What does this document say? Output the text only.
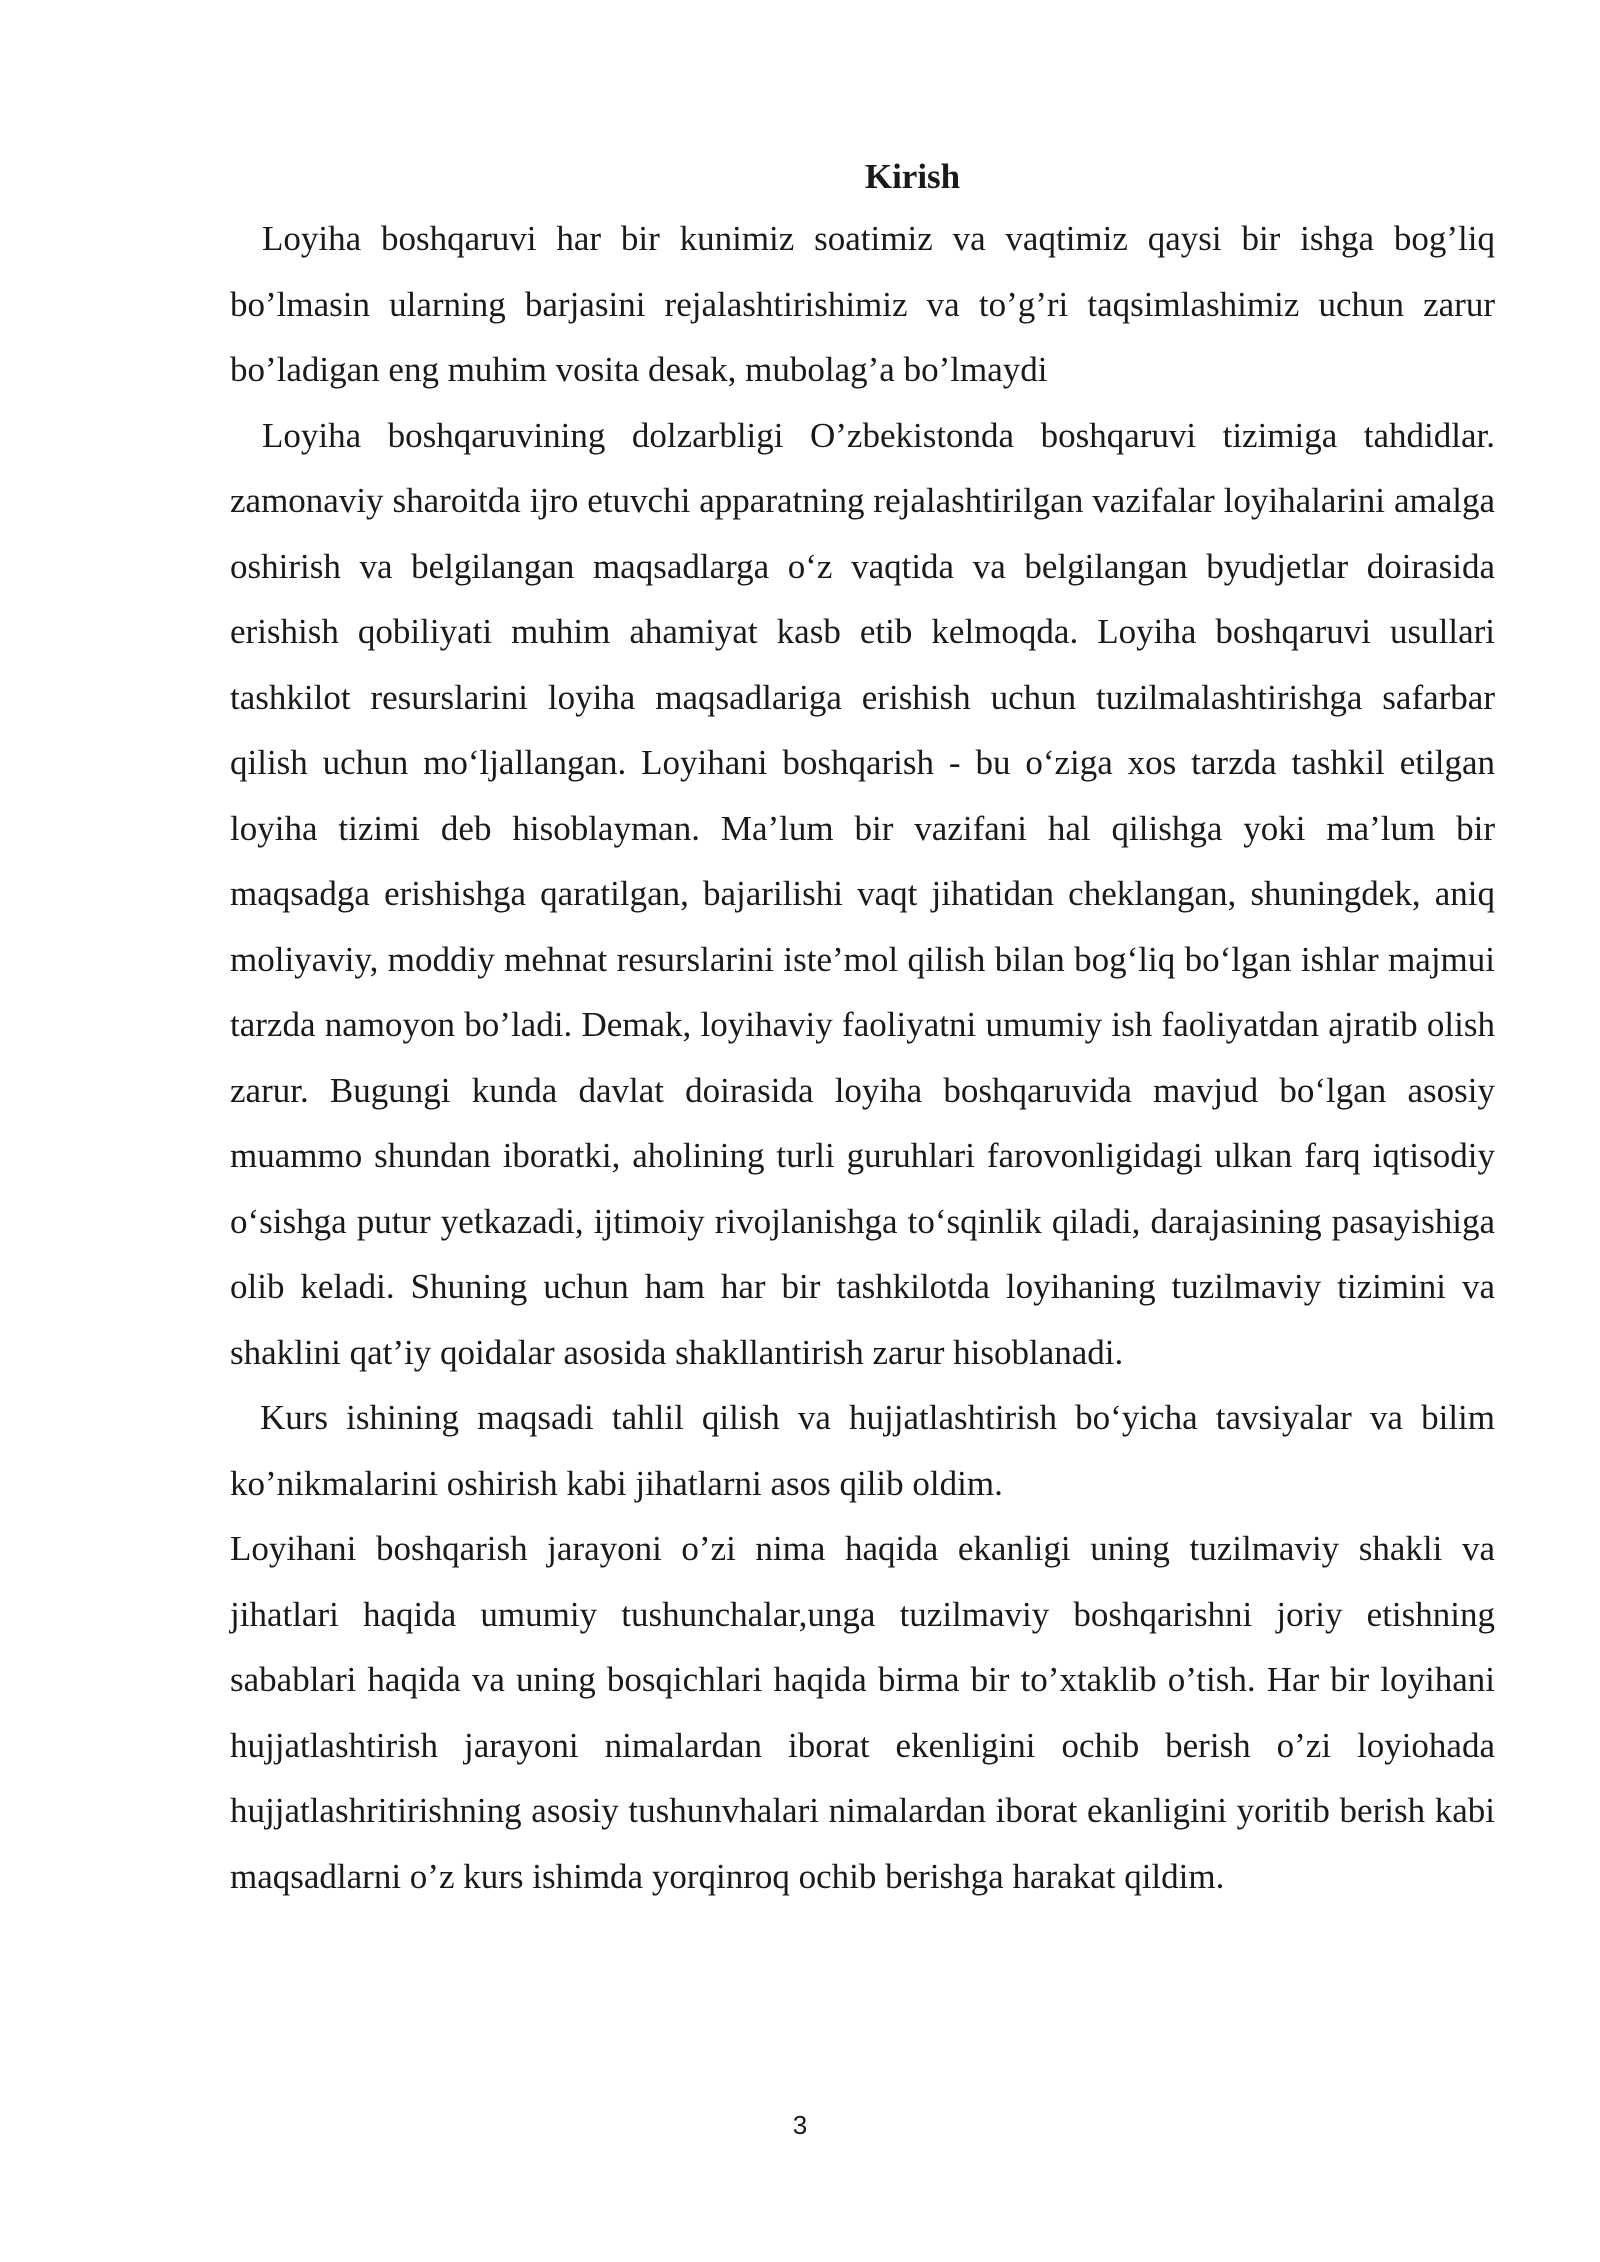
Kirish

Loyiha boshqaruvi har bir kunimiz soatimiz va vaqtimiz qaysi bir ishga bog’liq bo’lmasin ularning barjasini rejalashtirishimiz va to’g’ri taqsimlashimiz uchun zarur bo’ladigan eng muhim vosita desak, mubolag’a bo’lmaydi

Loyiha boshqaruvining dolzarbligi O’zbekistonda boshqaruvi tizimiga tahdidlar. zamonaviy sharoitda ijro etuvchi apparatning rejalashtirilgan vazifalar loyihalarini amalga oshirish va belgilangan maqsadlarga o‘z vaqtida va belgilangan byudjetlar doirasida erishish qobiliyati muhim ahamiyat kasb etib kelmoqda. Loyiha boshqaruvi usullari tashkilot resurslarini loyiha maqsadlariga erishish uchun tuzilmalashtirishga safarbar qilish uchun mo‘ljallangan. Loyihani boshqarish - bu o‘ziga xos tarzda tashkil etilgan loyiha tizimi deb hisoblayman. Ma’lum bir vazifani hal qilishga yoki ma’lum bir maqsadga erishishga qaratilgan, bajarilishi vaqt jihatidan cheklangan, shuningdek, aniq moliyaviy, moddiy mehnat resurslarini iste’mol qilish bilan bog‘liq bo‘lgan ishlar majmui tarzda namoyon bo’ladi. Demak, loyihaviy faoliyatni umumiy ish faoliyatdan ajratib olish zarur. Bugungi kunda davlat doirasida loyiha boshqaruvida mavjud bo‘lgan asosiy muammo shundan iboratki, aholining turli guruhlari farovonligidagi ulkan farq iqtisodiy o‘sishga putur yetkazadi, ijtimoiy rivojlanishga to‘sqinlik qiladi, darajasining pasayishiga olib keladi. Shuning uchun ham har bir tashkilotda loyihaning tuzilmaviy tizimini va shaklini qat’iy qoidalar asosida shakllantirish zarur hisoblanadi.

Kurs ishining maqsadi tahlil qilish va hujjatlashtirish bo‘yicha tavsiyalar va bilim ko’nikmalarini oshirish kabi jihatlarni asos qilib oldim.

Loyihani boshqarish jarayoni o’zi nima haqida ekanligi uning tuzilmaviy shakli va jihatlari haqida umumiy tushunchalar,unga tuzilmaviy boshqarishni joriy etishning sabablari haqida va uning bosqichlari haqida birma bir to’xtaklib o’tish. Har bir loyihani hujjatlashtirish jarayoni nimalardan iborat ekenligini ochib berish o’zi loyiohada hujjatlashritirishning asosiy tushunvhalari nimalardan iborat ekanligini yoritib berish kabi maqsadlarni o’z kurs ishimda yorqinroq ochib berishga harakat qildim.

3
